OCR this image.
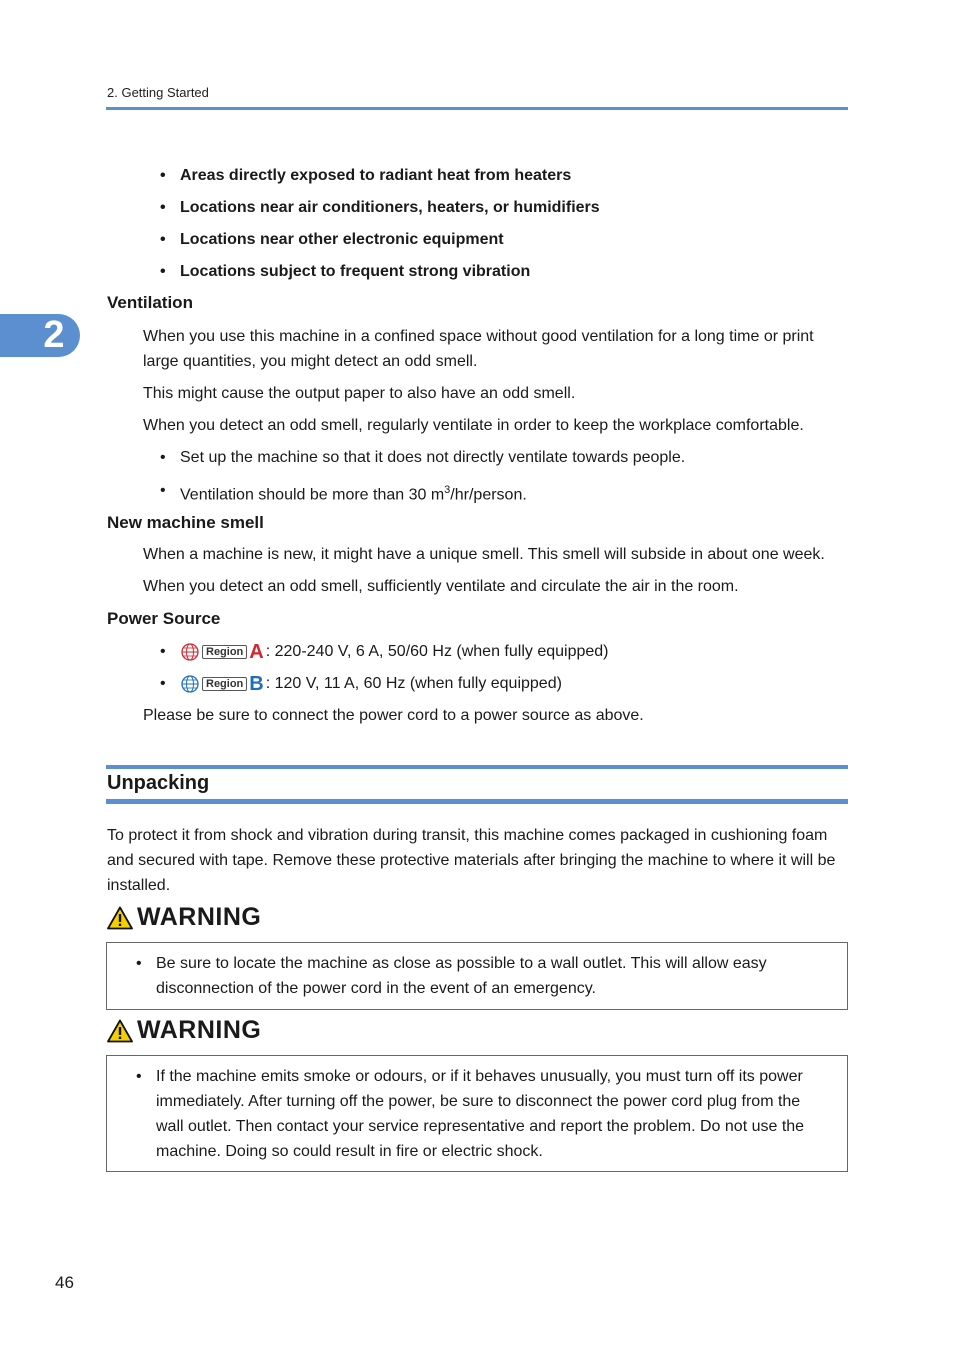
2. Getting Started
2
• Areas directly exposed to radiant heat from heaters
• Locations near air conditioners, heaters, or humidifiers
• Locations near other electronic equipment
• Locations subject to frequent strong vibration
Ventilation
When you use this machine in a confined space without good ventilation for a long time or print
large quantities, you might detect an odd smell.
This might cause the output paper to also have an odd smell.
When you detect an odd smell, regularly ventilate in order to keep the workplace comfortable.
• Set up the machine so that it does not directly ventilate towards people.
• Ventilation should be more than 30 $m^3/hr$/person.
New machine smell
When a machine is new, it might have a unique smell. This smell will subside in about one week.
When you detect an odd smell, sufficiently ventilate and circulate the air in the room.
Power Source
• Region A : 220-240 V, 6 A, 50/60 Hz (when fully equipped)
• Region B : 120 V, 11 A, 60 Hz (when fully equipped)
Please be sure to connect the power cord to a power source as above.
Unpacking
To protect it from shock and vibration during transit, this machine comes packaged in cushioning foam
and secured with tape. Remove these protective materials after bringing the machine to where it will be
installed.
WARNING
• Be sure to locate the machine as close as possible to a wall outlet. This will allow easy
disconnection of the power cord in the event of an emergency.
WARNING
• If the machine emits smoke or odours, or if it behaves unusually, you must turn off its power
immediately. After turning off the power, be sure to disconnect the power cord plug from the
wall outlet. Then contact your service representative and report the problem. Do not use the
machine. Doing so could result in fire or electric shock.
46
